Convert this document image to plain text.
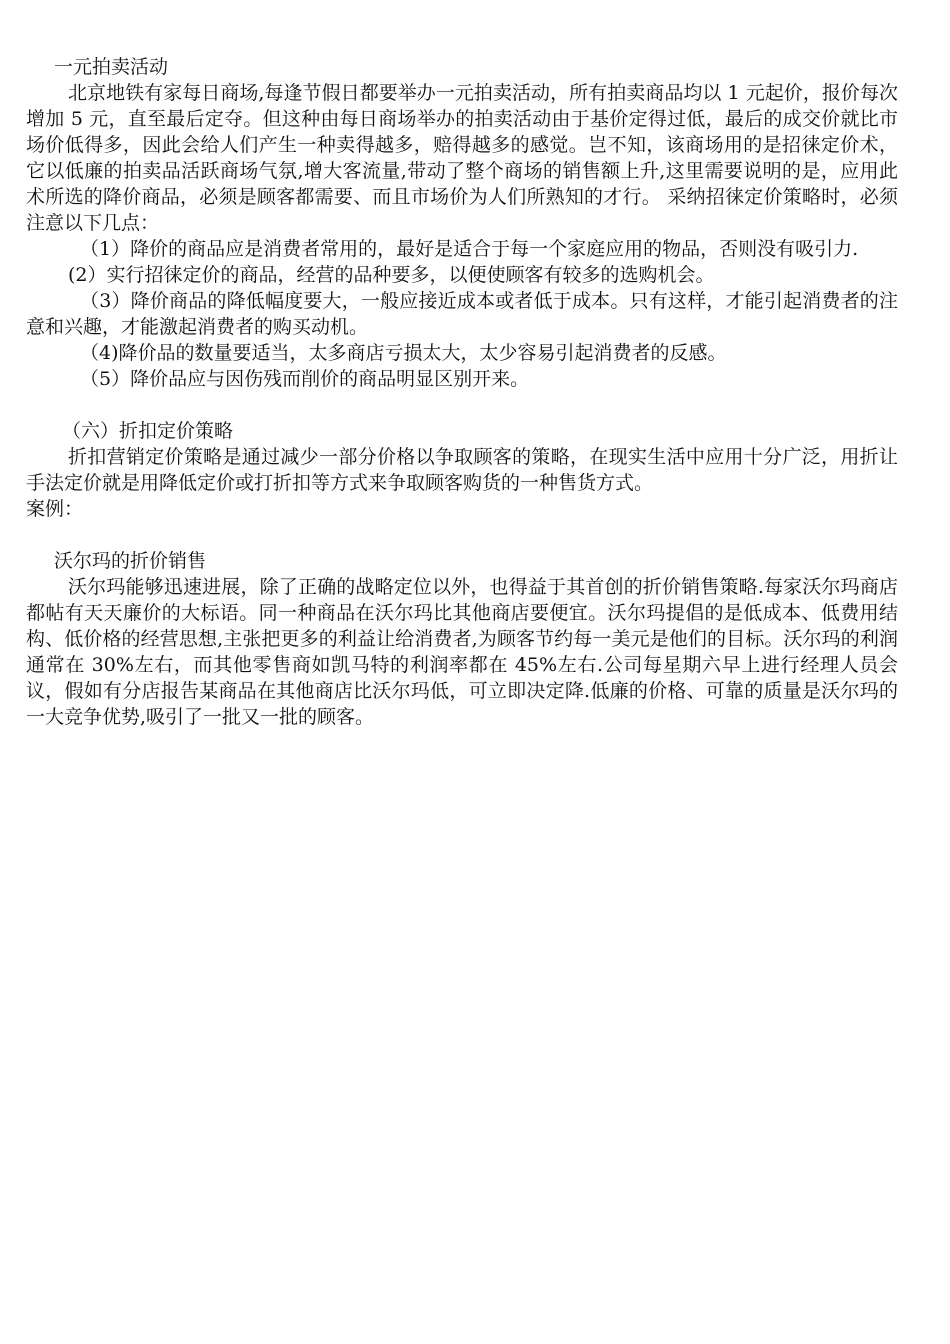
一元拍卖活动

北京地铁有家每日商场,每逢节假日都要举办一元拍卖活动，所有拍卖商品均以 1 元起价，报价每次增加 5 元，直至最后定夺。但这种由每日商场举办的拍卖活动由于基价定得过低，最后的成交价就比市场价低得多，因此会给人们产生一种卖得越多，赔得越多的感觉。岂不知，该商场用的是招徕定价术，它以低廉的拍卖品活跃商场气氛,增大客流量,带动了整个商场的销售额上升,这里需要说明的是，应用此术所选的降价商品，必须是顾客都需要、而且市场价为人们所熟知的才行。 采纳招徕定价策略时，必须注意以下几点：

（1）降价的商品应是消费者常用的，最好是适合于每一个家庭应用的物品，否则没有吸引力.

(2）实行招徕定价的商品，经营的品种要多，以便使顾客有较多的选购机会。

（3）降价商品的降低幅度要大，一般应接近成本或者低于成本。只有这样，才能引起消费者的注意和兴趣，才能激起消费者的购买动机。

（4)降价品的数量要适当，太多商店亏损太大，太少容易引起消费者的反感。

（5）降价品应与因伤残而削价的商品明显区别开来。

（六）折扣定价策略

折扣营销定价策略是通过减少一部分价格以争取顾客的策略，在现实生活中应用十分广泛，用折让手法定价就是用降低定价或打折扣等方式来争取顾客购货的一种售货方式。

案例：

沃尔玛的折价销售

沃尔玛能够迅速进展，除了正确的战略定位以外，也得益于其首创的折价销售策略.每家沃尔玛商店都帖有天天廉价的大标语。同一种商品在沃尔玛比其他商店要便宜。沃尔玛提倡的是低成本、低费用结构、低价格的经营思想,主张把更多的利益让给消费者,为顾客节约每一美元是他们的目标。沃尔玛的利润通常在 30%左右，而其他零售商如凯马特的利润率都在 45%左右.公司每星期六早上进行经理人员会议，假如有分店报告某商品在其他商店比沃尔玛低，可立即决定降.低廉的价格、可靠的质量是沃尔玛的一大竞争优势,吸引了一批又一批的顾客。
